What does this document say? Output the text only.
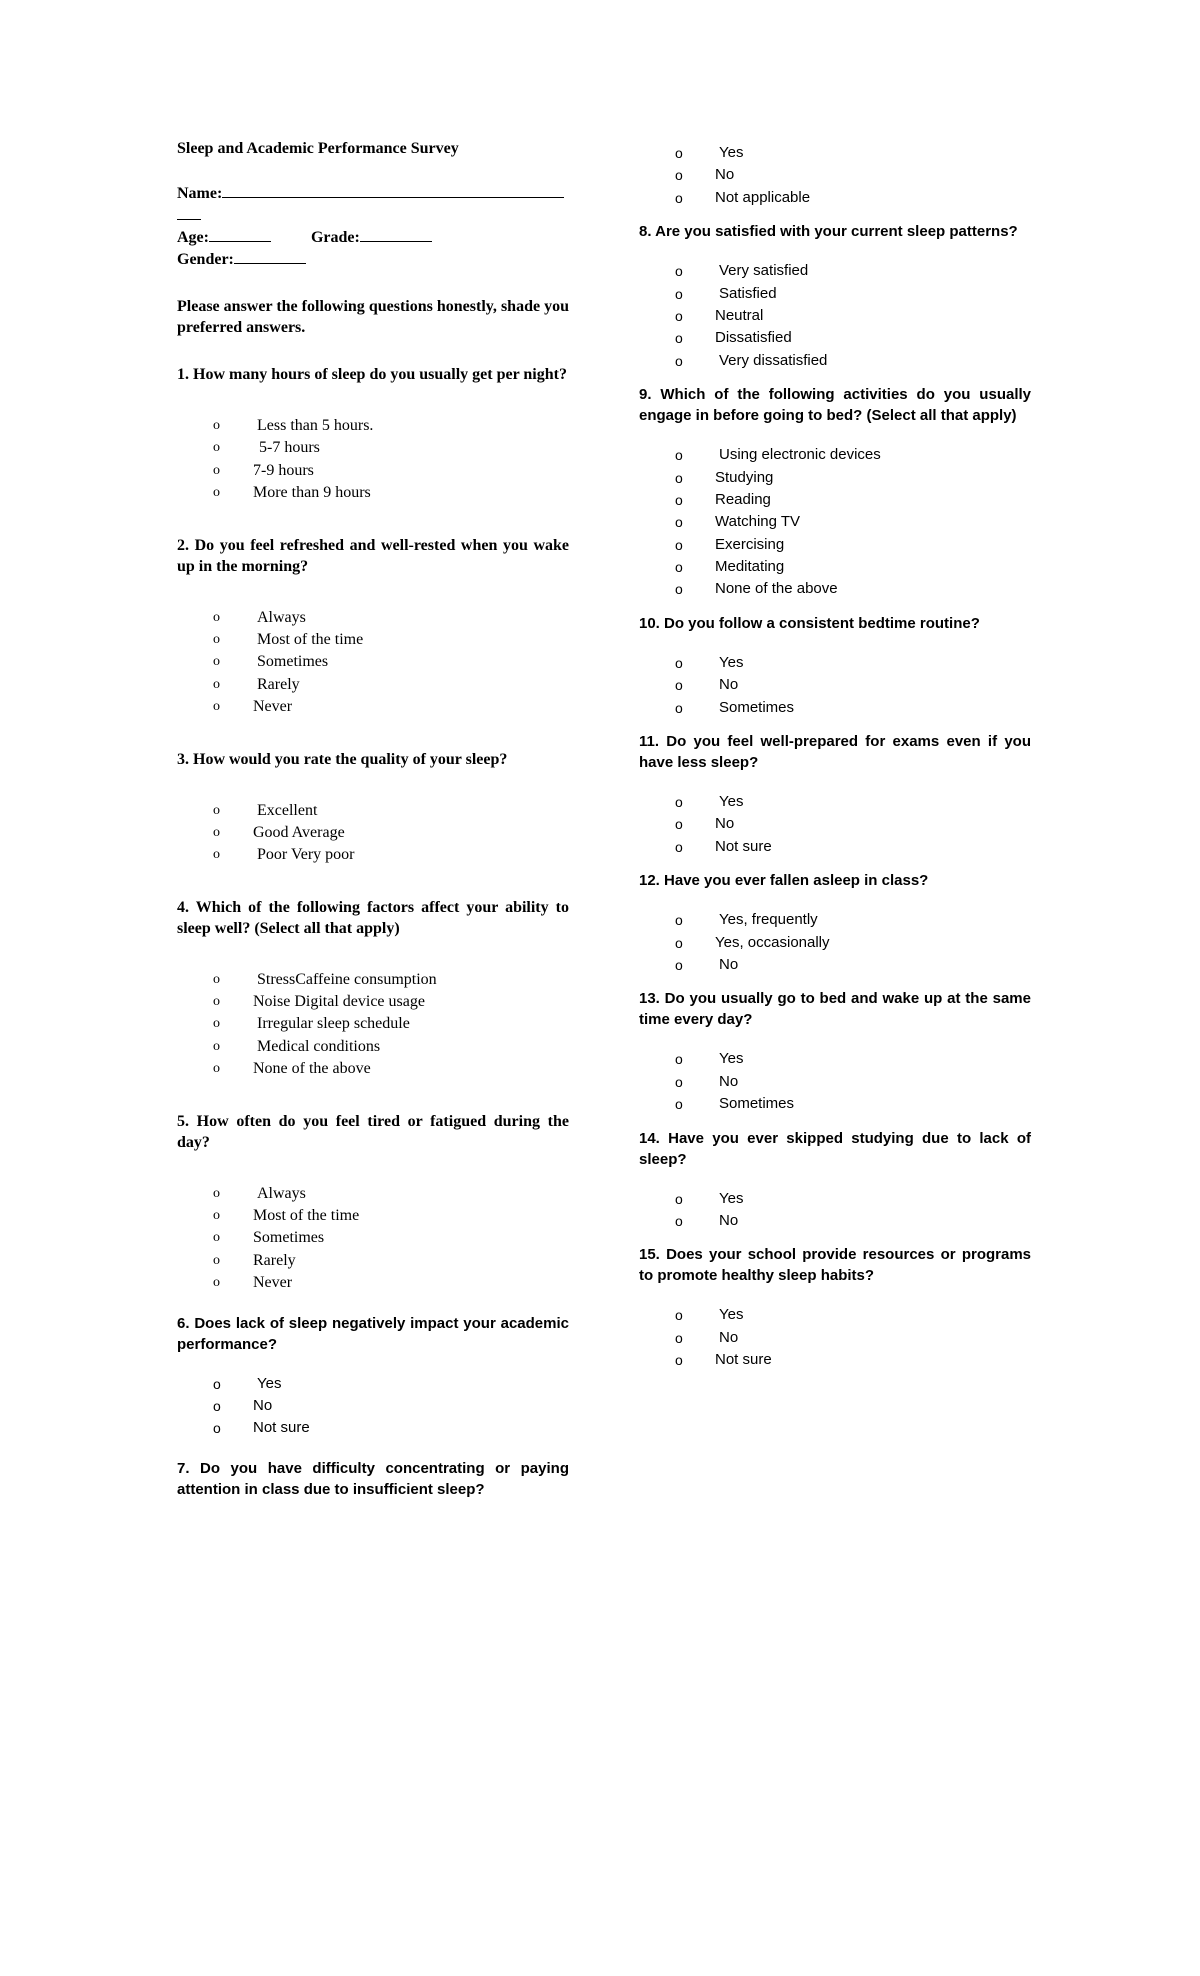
Sleep and Academic Performance Survey
Name:

Age:	Grade:
Gender:
Please answer the following questions honestly, shade you preferred answers.
1. How many hours of sleep do you usually get per night?
o Less than 5 hours.
o 5-7 hours
o 7-9 hours
o More than 9 hours
2. Do you feel refreshed and well-rested when you wake up in the morning?
o Always
o Most of the time
o Sometimes
o Rarely
o Never
3. How would you rate the quality of your sleep?
o Excellent
o Good Average
o Poor Very poor
4. Which of the following factors affect your ability to sleep well? (Select all that apply)
o StressCaffeine consumption
o Noise Digital device usage
o Irregular sleep schedule
o Medical conditions
o None of the above
5. How often do you feel tired or fatigued during the day?
o Always
o Most of the time
o Sometimes
o Rarely
o Never
6. Does lack of sleep negatively impact your academic performance?
o Yes
o No
o Not sure
7. Do you have difficulty concentrating or paying attention in class due to insufficient sleep?
o Yes
o No
o Not applicable
8. Are you satisfied with your current sleep patterns?
o Very satisfied
o Satisfied
o Neutral
o Dissatisfied
o Very dissatisfied
9. Which of the following activities do you usually engage in before going to bed? (Select all that apply)
o Using electronic devices
o Studying
o Reading
o Watching TV
o Exercising
o Meditating
o None of the above
10. Do you follow a consistent bedtime routine?
o Yes
o No
o Sometimes
11. Do you feel well-prepared for exams even if you have less sleep?
o Yes
o No
o Not sure
12. Have you ever fallen asleep in class?
o Yes, frequently
o Yes, occasionally
o No
13. Do you usually go to bed and wake up at the same time every day?
o Yes
o No
o Sometimes
14. Have you ever skipped studying due to lack of sleep?
o Yes
o No
15. Does your school provide resources or programs to promote healthy sleep habits?
o Yes
o No
o Not sure
